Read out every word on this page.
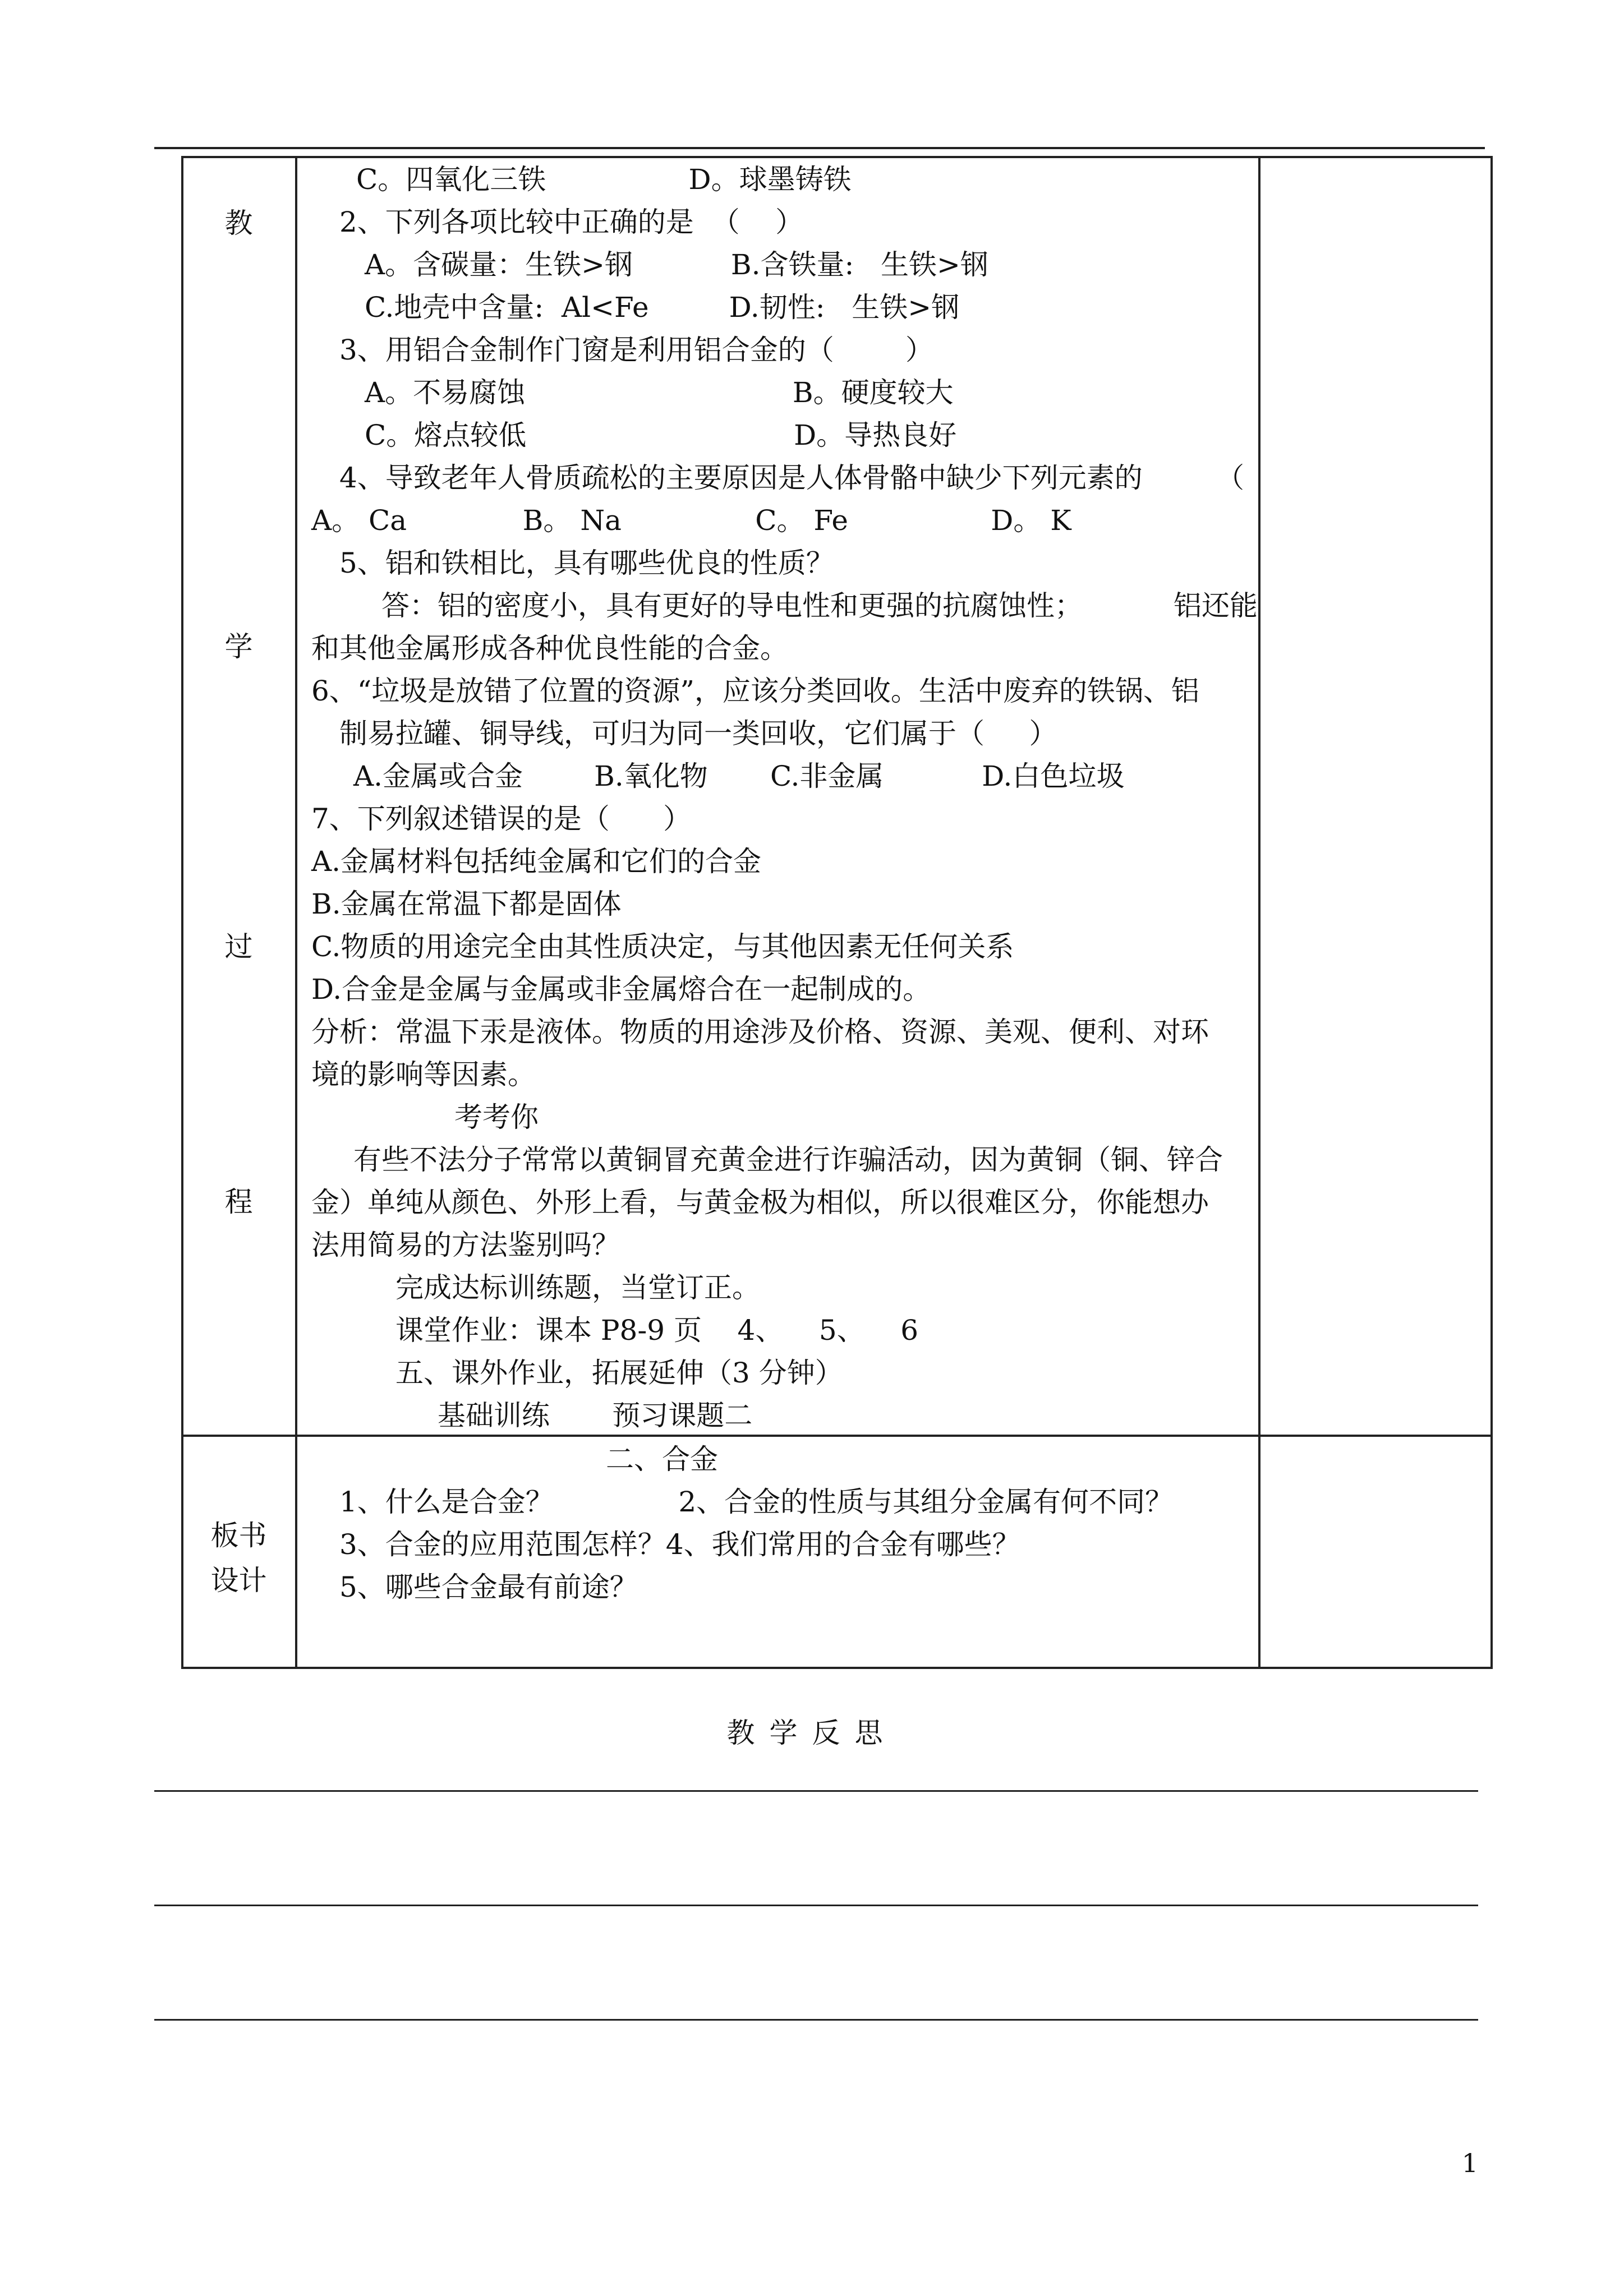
教
学
过
程
板书
设计
C。四氧化三铁                D。球墨铸铁
2、下列各项比较中正确的是  （    ）
A。含碳量：生铁>钢           B.含铁量:   生铁>钢
C.地壳中含量:  Al<Fe         D.韧性:   生铁>钢
3、用铝合金制作门窗是利用铝合金的（        ）
A。不易腐蚀                              B。硬度较大
C。熔点较低                              D。导热良好
4、导致老年人骨质疏松的主要原因是人体骨骼中缺少下列元素的	（
A。 Ca             B。 Na               C。 Fe                D。 K
5、铝和铁相比，具有哪些优良的性质？
答：铝的密度小，具有更好的导电性和更强的抗腐蚀性；	铝还能
和其他金属形成各种优良性能的合金。
6、“垃圾是放错了位置的资源”，应该分类回收。生活中废弃的铁锅、铝
制易拉罐、铜导线，可归为同一类回收，它们属于（     ）
A.金属或合金        B.氧化物       C.非金属           D.白色垃圾
7、下列叙述错误的是（      ）
A.金属材料包括纯金属和它们的合金
B.金属在常温下都是固体
C.物质的用途完全由其性质决定，与其他因素无任何关系
D.合金是金属与金属或非金属熔合在一起制成的。
分析：常温下汞是液体。物质的用途涉及价格、资源、美观、便利、对环
境的影响等因素。
考考你
有些不法分子常常以黄铜冒充黄金进行诈骗活动，因为黄铜（铜、锌合
金）单纯从颜色、外形上看，与黄金极为相似，所以很难区分，你能想办
法用简易的方法鉴别吗？
完成达标训练题，当堂订正。
课堂作业：课本 P8-9 页    4、    5、    6
五、课外作业，拓展延伸（3 分钟）
基础训练       预习课题二
二、合金
1、什么是合金？              2、合金的性质与其组分金属有何不同？
3、合金的应用范围怎样？4、我们常用的合金有哪些？
5、哪些合金最有前途？
教学反思
1
